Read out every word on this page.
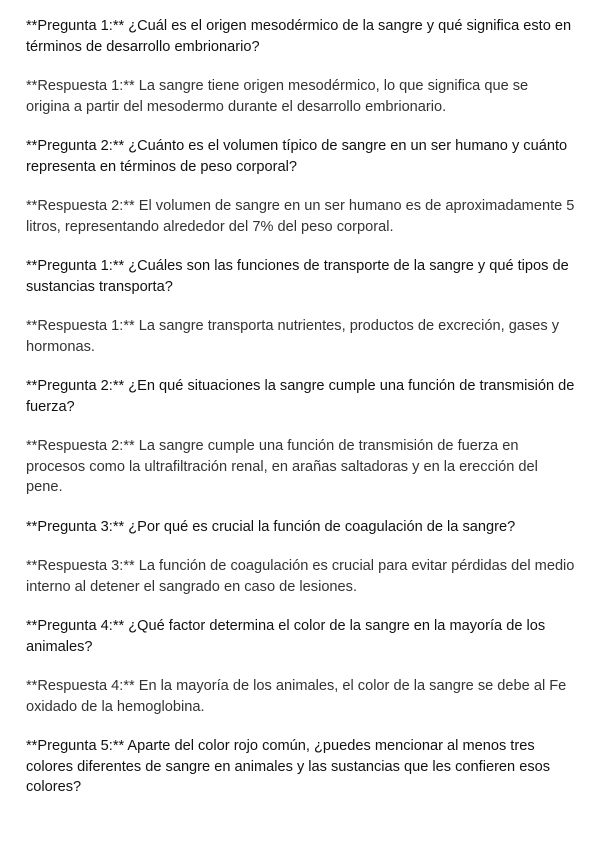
**Pregunta 1:** ¿Cuál es el origen mesodérmico de la sangre y qué significa esto en términos de desarrollo embrionario?

**Respuesta 1:** La sangre tiene origen mesodérmico, lo que significa que se origina a partir del mesodermo durante el desarrollo embrionario.

**Pregunta 2:** ¿Cuánto es el volumen típico de sangre en un ser humano y cuánto representa en términos de peso corporal?

**Respuesta 2:** El volumen de sangre en un ser humano es de aproximadamente 5 litros, representando alrededor del 7% del peso corporal.

**Pregunta 1:** ¿Cuáles son las funciones de transporte de la sangre y qué tipos de sustancias transporta?

**Respuesta 1:** La sangre transporta nutrientes, productos de excreción, gases y hormonas.

**Pregunta 2:** ¿En qué situaciones la sangre cumple una función de transmisión de fuerza?

**Respuesta 2:** La sangre cumple una función de transmisión de fuerza en procesos como la ultrafiltración renal, en arañas saltadoras y en la erección del pene.

**Pregunta 3:** ¿Por qué es crucial la función de coagulación de la sangre?

**Respuesta 3:** La función de coagulación es crucial para evitar pérdidas del medio interno al detener el sangrado en caso de lesiones.

**Pregunta 4:** ¿Qué factor determina el color de la sangre en la mayoría de los animales?

**Respuesta 4:** En la mayoría de los animales, el color de la sangre se debe al Fe oxidado de la hemoglobina.

**Pregunta 5:** Aparte del color rojo común, ¿puedes mencionar al menos tres colores diferentes de sangre en animales y las sustancias que les confieren esos colores?
